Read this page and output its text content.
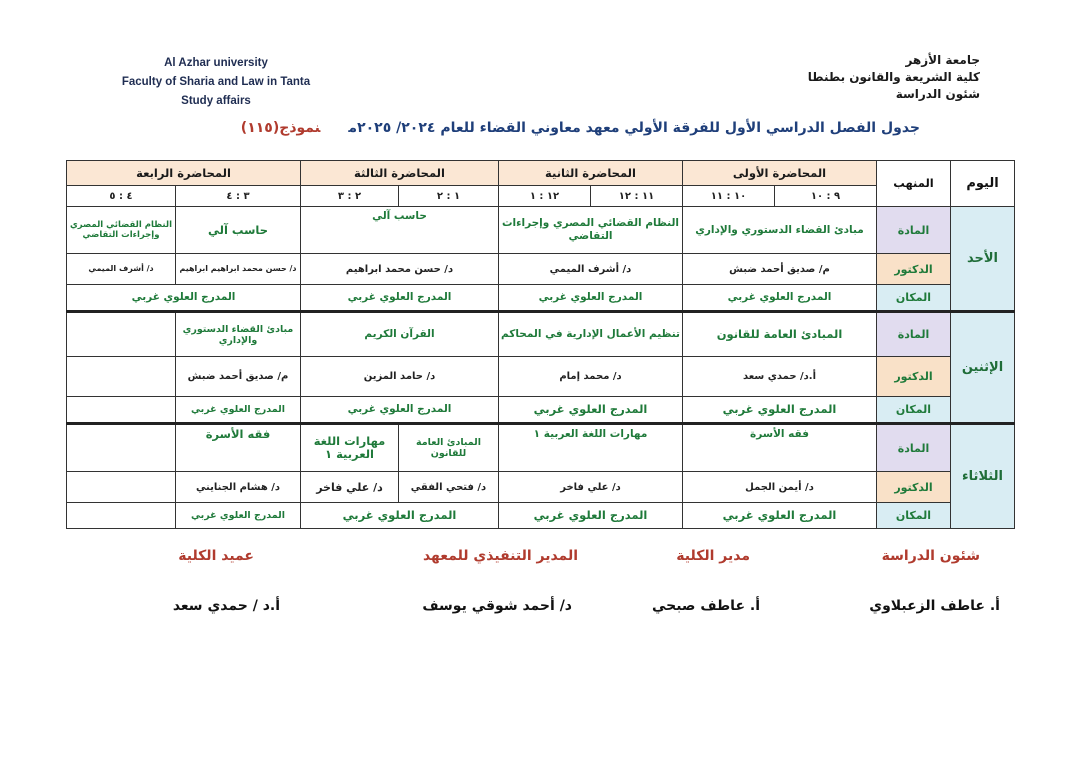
Al Azhar university
Faculty of Sharia and Law in Tanta
Study affairs
جامعة الأزهر
كلية الشريعة والقانون بطنطا
شئون الدراسة
جدول الفصل الدراسي الأول للفرقة الأولي معهد معاوني القضاء للعام ٢٠٢٤/ ٢٠٢٥منموذج(١١٥)
اليوم	المنهب	المحاضرة الأولى		المحاضرة الثانية		المحاضرة الثالثة		المحاضرة الرابعة	
		٩ : ١٠	١٠ : ١١	١١ : ١٢	١٢ : ١	١ : ٢	٢ : ٣	٣ : ٤	٤ : ٥
الأحد	المادة	مبادئ القضاء الدستوري والإداري		النظام القضائي المصري وإجراءات التقاضي		حاسب آلي		حاسب آلي	النظام القضائي المصري وإجراءات التقاضي
	الدكتور	م/ صديق أحمد ضبش		د/ أشرف الميمي		د/ حسن محمد ابراهيم		د/ حسن محمد ابراهيم ابراهيم	د/ أشرف الميمي
	المكان	المدرج العلوي غربي		المدرج العلوي غربي		المدرج العلوي غربي		المدرج العلوي غربي	
الإثنين	المادة	المبادئ العامة للقانون		تنظيم الأعمال الإدارية في المحاكم		القرآن الكريم		مبادئ القضاء الدستوري والإداري	
	الدكتور	أ.د/ حمدي سعد		د/ محمد إمام		د/ حامد المزين		م/ صديق أحمد ضبش	
	المكان	المدرج العلوي غربي		المدرج العلوي غربي		المدرج العلوي غربي		المدرج العلوي غربي	
الثلاثاء	المادة	فقه الأسرة		مهارات اللغة العربية ١		المبادئ العامة للقانون	مهارات اللغة العربية ١	فقه الأسرة	
	الدكتور	د/ أيمن الجمل		د/ علي فاخر		د/ فتحي الفقي	د/ علي فاخر	د/ هشام الجنايني	
	المكان	المدرج العلوي غربي		المدرج العلوي غربي		المدرج العلوي غربي		المدرج العلوي غربي	
شئون الدراسة
مدير الكلية
المدير التنفيذي للمعهد
عميد الكلية
أ. عاطف الزعبلاوي
أ. عاطف صبحي
د/ أحمد شوقي يوسف
أ.د / حمدي سعد
